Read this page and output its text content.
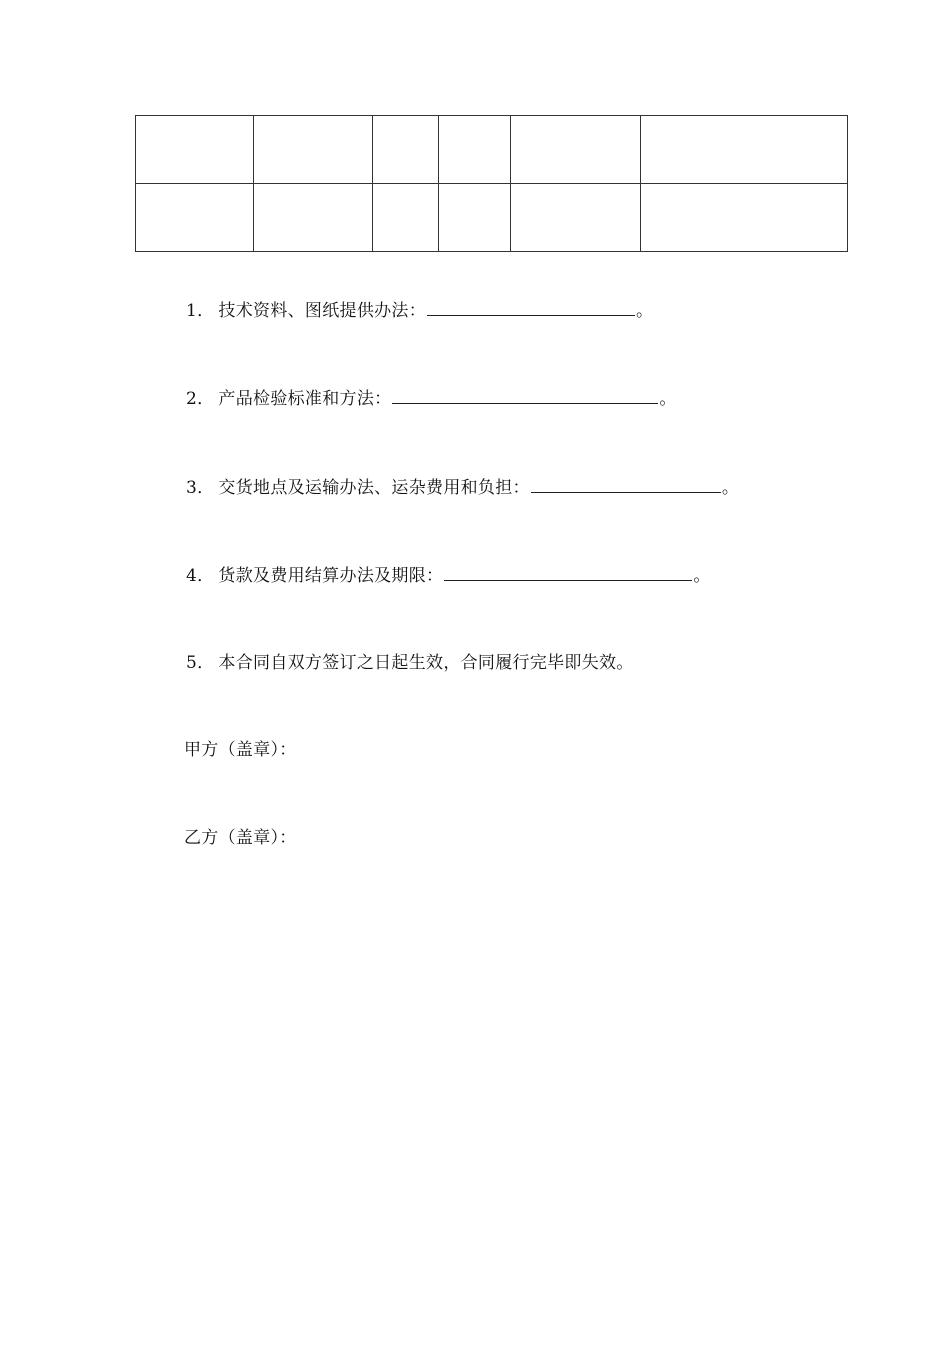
1． 技术资料、图纸提供办法：	。
2． 产品检验标准和方法：	。
3． 交货地点及运输办法、运杂费用和负担：	。
4． 货款及费用结算办法及期限：	。
5． 本合同自双方签订之日起生效，合同履行完毕即失效。
甲方（盖章）：
乙方（盖章）：
